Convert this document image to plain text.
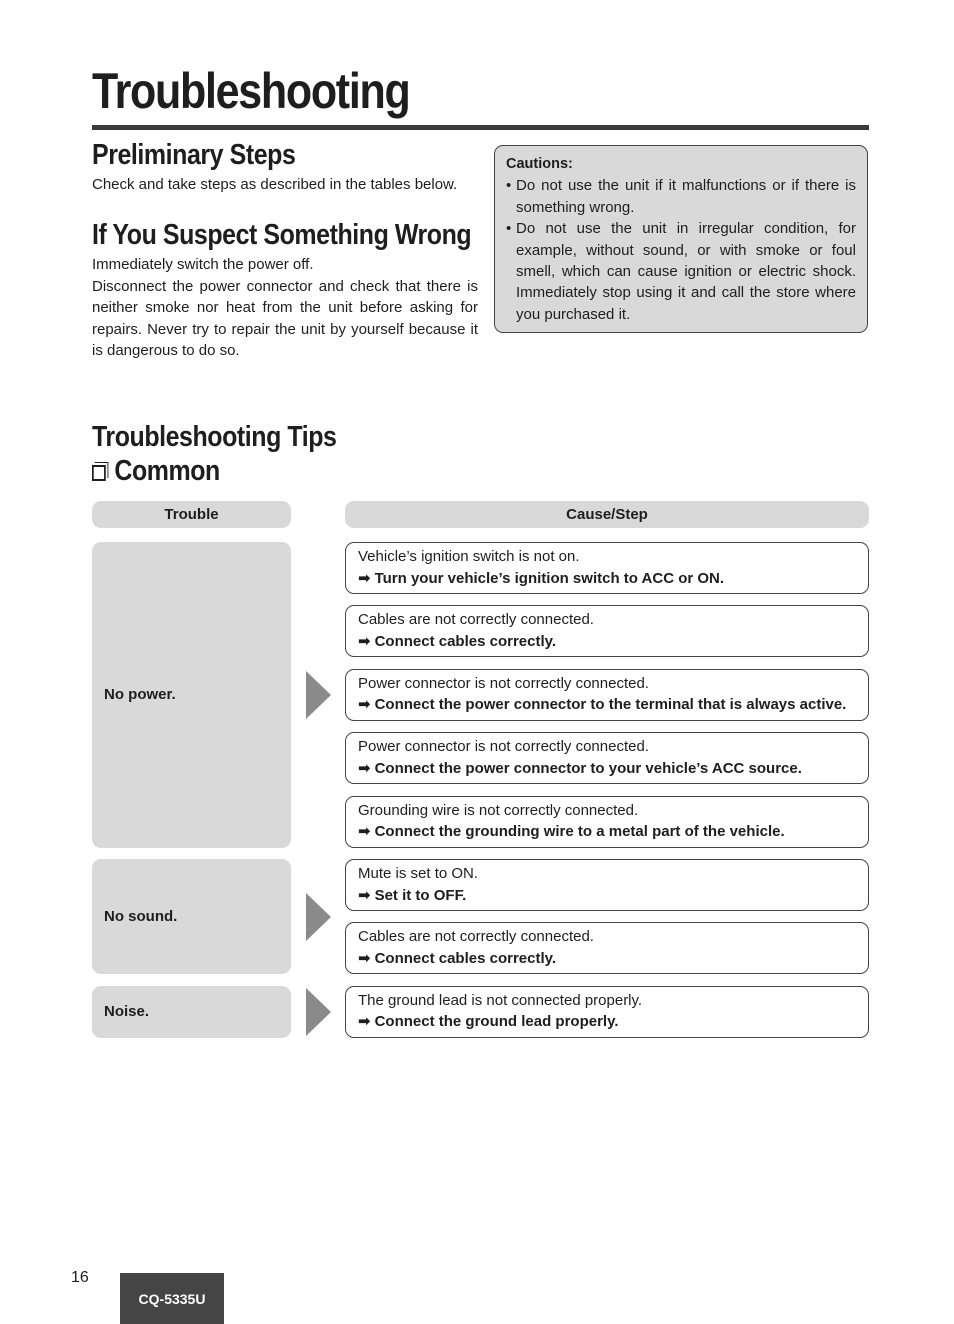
Troubleshooting
Preliminary Steps

Check and take steps as described in the tables below.

If You Suspect Something Wrong

Immediately switch the power off.

Disconnect the power connector and check that there is neither smoke nor heat from the unit before asking for repairs. Never try to repair the unit by yourself because it is dangerous to do so.

Cautions:
• Do not use the unit if it malfunctions or if there is something wrong.
• Do not use the unit in irregular condition, for example, without sound, or with smoke or foul smell, which can cause ignition or electric shock. Immediately stop using it and call the store where you purchased it.
Troubleshooting Tips
Common
Trouble	Cause/Step
No power.
Vehicle’s ignition switch is not on.
➡ Turn your vehicle’s ignition switch to ACC or ON.
Cables are not correctly connected.
➡ Connect cables correctly.
Power connector is not correctly connected.
➡ Connect the power connector to the terminal that is always active.
Power connector is not correctly connected.
➡ Connect the power connector to your vehicle’s ACC source.
Grounding wire is not correctly connected.
➡ Connect the grounding wire to a metal part of the vehicle.
No sound.
Mute is set to ON.
➡ Set it to OFF.
Cables are not correctly connected.
➡ Connect cables correctly.
Noise.
The ground lead is not connected properly.
➡ Connect the ground lead properly.
16
CQ-5335U
